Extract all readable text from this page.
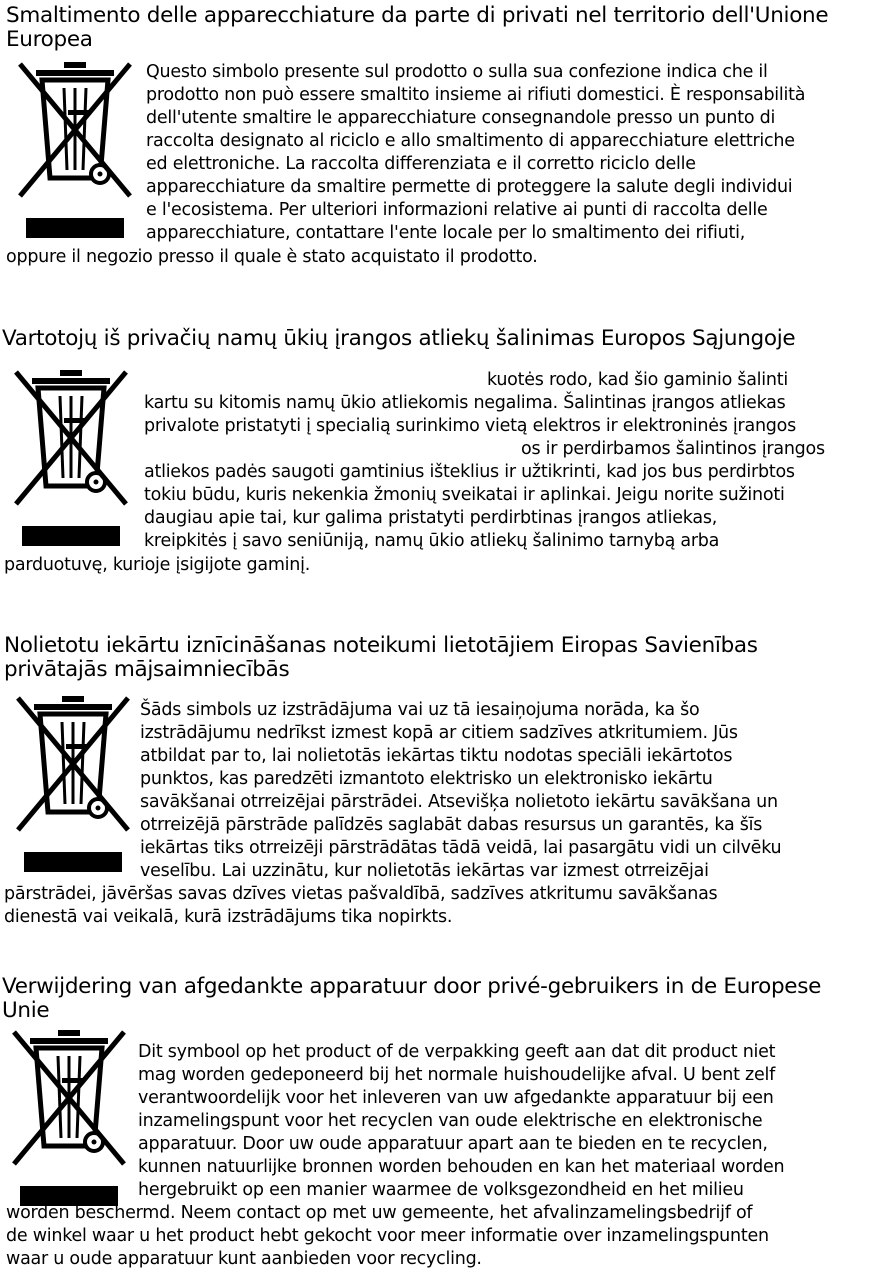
Smaltimento delle apparecchiature da parte di privati nel territorio dell'Unione Europea
Questo simbolo presente sul prodotto o sulla sua confezione indica che il
prodotto non può essere smaltito insieme ai rifiuti domestici. È responsabilità
dell'utente smaltire le apparecchiature consegnandole presso un punto di
raccolta designato al riciclo e allo smaltimento di apparecchiature elettriche
ed elettroniche. La raccolta differenziata e il corretto riciclo delle
apparecchiature da smaltire permette di proteggere la salute degli individui
e l'ecosistema. Per ulteriori informazioni relative ai punti di raccolta delle
apparecchiature, contattare l'ente locale per lo smaltimento dei rifiuti,
oppure il negozio presso il quale è stato acquistato il prodotto.
Vartotojų iš privačių namų ūkių įrangos atliekų šalinimas Europos Sąjungoje
kuotės rodo, kad šio gaminio šalinti
kartu su kitomis namų ūkio atliekomis negalima. Šalintinas įrangos atliekas
privalote pristatyti į specialią surinkimo vietą elektros ir elektroninės įrangos
os ir perdirbamos šalintinos įrangos
atliekos padės saugoti gamtinius išteklius ir užtikrinti, kad jos bus perdirbtos
tokiu būdu, kuris nekenkia žmonių sveikatai ir aplinkai. Jeigu norite sužinoti
daugiau apie tai, kur galima pristatyti perdirbtinas įrangos atliekas,
kreipkitės į savo seniūniją, namų ūkio atliekų šalinimo tarnybą arba
parduotuvę, kurioje įsigijote gaminį.
Nolietotu iekārtu iznīcināšanas noteikumi lietotājiem Eiropas Savienības privātajās mājsaimniecībās
Šāds simbols uz izstrādājuma vai uz tā iesaiņojuma norāda, ka šo
izstrādājumu nedrīkst izmest kopā ar citiem sadzīves atkritumiem. Jūs
atbildat par to, lai nolietotās iekārtas tiktu nodotas speciāli iekārtotos
punktos, kas paredzēti izmantoto elektrisko un elektronisko iekārtu
savākšanai otrreizējai pārstrādei. Atsevišķa nolietoto iekārtu savākšana un
otrreizējā pārstrāde palīdzēs saglabāt dabas resursus un garantēs, ka šīs
iekārtas tiks otrreizēji pārstrādātas tādā veidā, lai pasargātu vidi un cilvēku
veselību. Lai uzzinātu, kur nolietotās iekārtas var izmest otrreizējai
pārstrādei, jāvēršas savas dzīves vietas pašvaldībā, sadzīves atkritumu savākšanas
dienestā vai veikalā, kurā izstrādājums tika nopirkts.
Verwijdering van afgedankte apparatuur door privé-gebruikers in de Europese Unie
Dit symbool op het product of de verpakking geeft aan dat dit product niet
mag worden gedeponeerd bij het normale huishoudelijke afval. U bent zelf
verantwoordelijk voor het inleveren van uw afgedankte apparatuur bij een
inzamelingspunt voor het recyclen van oude elektrische en elektronische
apparatuur. Door uw oude apparatuur apart aan te bieden en te recyclen,
kunnen natuurlijke bronnen worden behouden en kan het materiaal worden
hergebruikt op een manier waarmee de volksgezondheid en het milieu
worden beschermd. Neem contact op met uw gemeente, het afvalinzamelingsbedrijf of
de winkel waar u het product hebt gekocht voor meer informatie over inzamelingspunten
waar u oude apparatuur kunt aanbieden voor recycling.
